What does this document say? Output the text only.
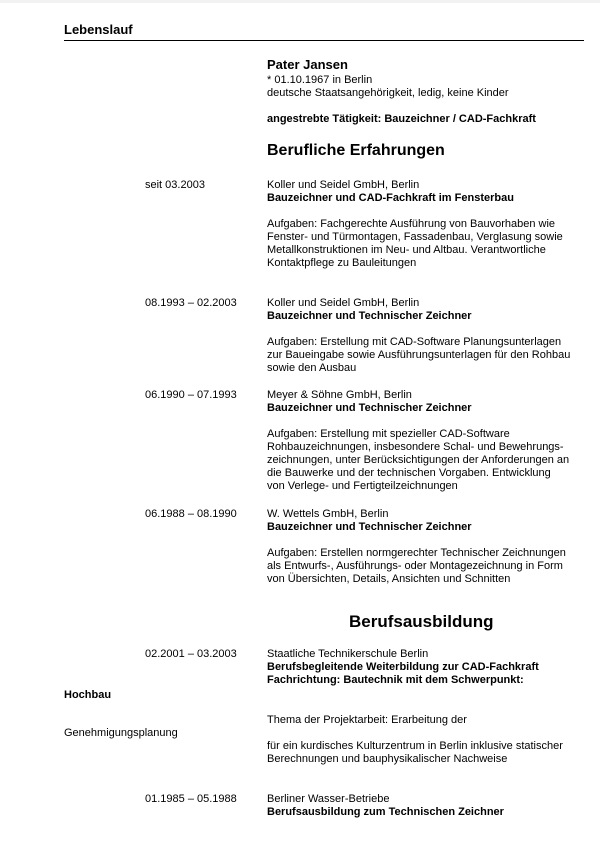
Lebenslauf
Pater Jansen
* 01.10.1967 in Berlin
deutsche Staatsangehörigkeit, ledig, keine Kinder
angestrebte Tätigkeit: Bauzeichner / CAD-Fachkraft
Berufliche Erfahrungen
seit 03.2003	Koller und Seidel GmbH, Berlin
Bauzeichner und CAD-Fachkraft im Fensterbau
Aufgaben: Fachgerechte Ausführung von Bauvorhaben wie
Fenster- und Türmontagen, Fassadenbau, Verglasung sowie
Metallkonstruktionen im Neu- und Altbau. Verantwortliche
Kontaktpflege zu Bauleitungen
08.1993 – 02.2003	Koller und Seidel GmbH, Berlin
Bauzeichner und Technischer Zeichner
Aufgaben: Erstellung mit CAD-Software Planungsunterlagen
zur Baueingabe sowie Ausführungsunterlagen für den Rohbau
sowie den Ausbau
06.1990 – 07.1993	Meyer & Söhne GmbH, Berlin
Bauzeichner und Technischer Zeichner
Aufgaben: Erstellung mit spezieller CAD-Software
Rohbauzeichnungen, insbesondere Schal- und Bewehrungs-
zeichnungen, unter Berücksichtigungen der Anforderungen an
die Bauwerke und der technischen Vorgaben. Entwicklung
von Verlege- und Fertigteilzeichnungen
06.1988 – 08.1990	W. Wettels GmbH, Berlin
Bauzeichner und Technischer Zeichner
Aufgaben: Erstellen normgerechter Technischer Zeichnungen
als Entwurfs-, Ausführungs- oder Montagezeichnung in Form
von Übersichten, Details, Ansichten und Schnitten
Berufsausbildung
02.2001 – 03.2003	Staatliche Technikerschule Berlin
Berufsbegleitende Weiterbildung zur CAD-Fachkraft
Fachrichtung: Bautechnik mit dem Schwerpunkt:
Hochbau
Thema der Projektarbeit: Erarbeitung der
Genehmigungsplanung
für ein kurdisches Kulturzentrum in Berlin inklusive statischer
Berechnungen und bauphysikalischer Nachweise
01.1985 – 05.1988	Berliner Wasser-Betriebe
Berufsausbildung zum Technischen Zeichner
